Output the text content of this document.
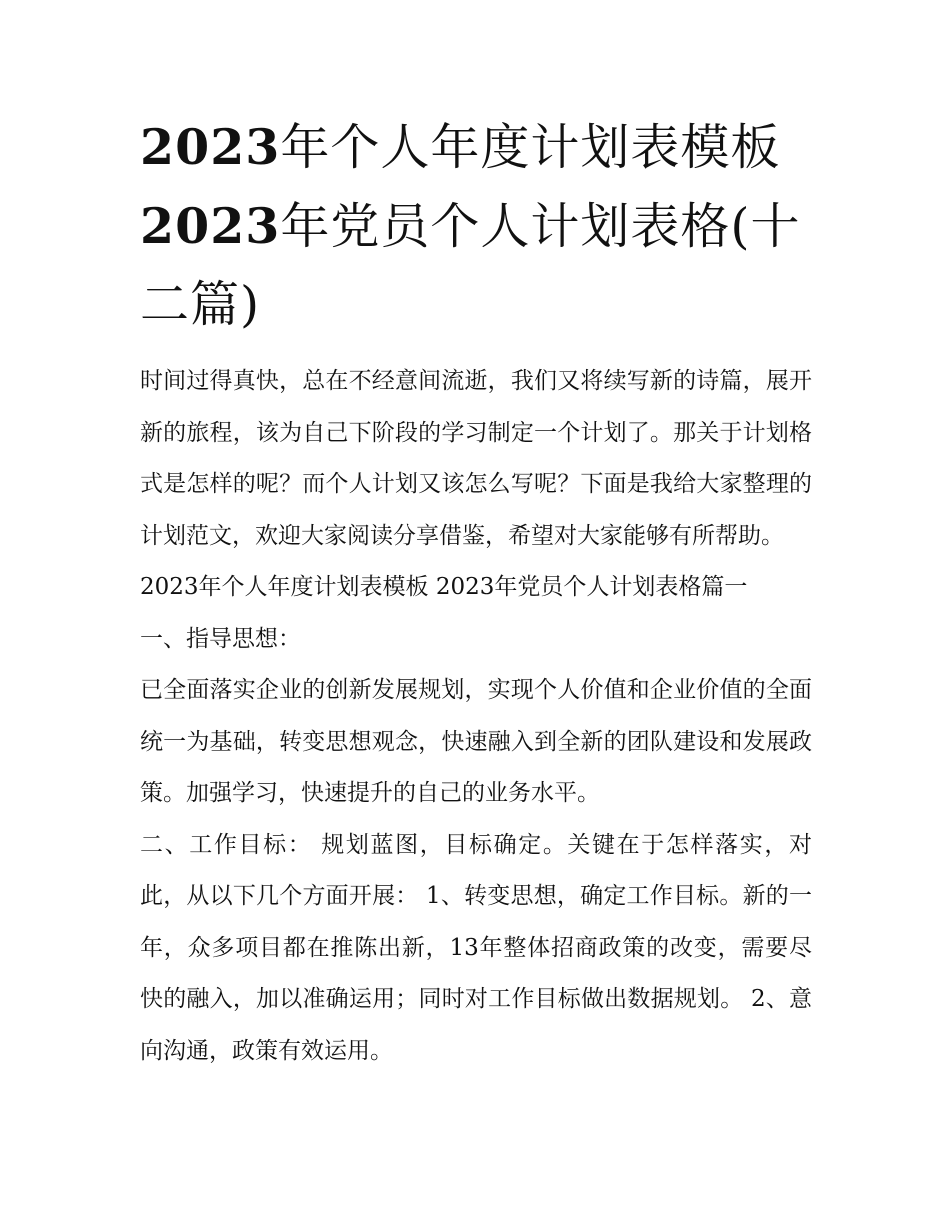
2023年个人年度计划表模板
2023年党员个人计划表格(十二篇)

时间过得真快，总在不经意间流逝，我们又将续写新的诗篇，展开新的旅程，该为自己下阶段的学习制定一个计划了。那关于计划格式是怎样的呢？而个人计划又该怎么写呢？下面是我给大家整理的计划范文，欢迎大家阅读分享借鉴，希望对大家能够有所帮助。

2023年个人年度计划表模板 2023年党员个人计划表格篇一

一、指导思想：

已全面落实企业的创新发展规划，实现个人价值和企业价值的全面统一为基础，转变思想观念，快速融入到全新的团队建设和发展政策。加强学习，快速提升的自己的业务水平。

二、工作目标： 规划蓝图，目标确定。关键在于怎样落实，对此，从以下几个方面开展： 1、转变思想，确定工作目标。新的一年，众多项目都在推陈出新，13年整体招商政策的改变，需要尽快的融入，加以准确运用；同时对工作目标做出数据规划。 2、意向沟通，政策有效运用。
